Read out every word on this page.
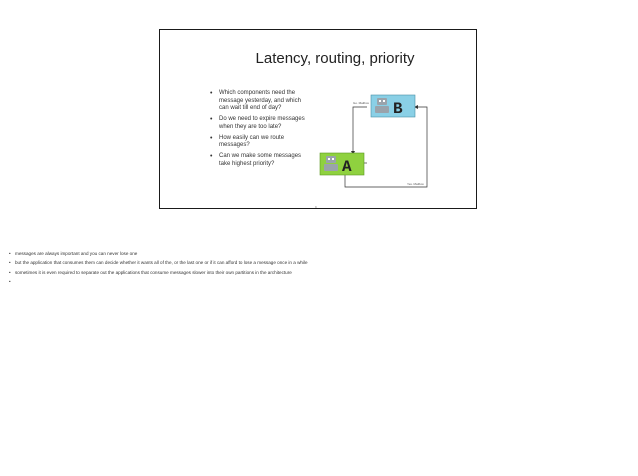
Latency, routing, priority
• Which components need the message yesterday, and which can wait till end of day?
• Do we need to expire messages when they are too late?
• How easily can we route messages?
• Can we make some messages take highest priority?
Go. Mailbox
Yes. Mailbox
B
A
9
• messages are always important and you can never lose one
• but the application that consumes them can decide whether it wants all of the, or the last one or if it can afford to lose a message once in a while
• sometimes it is even required to separate out the applications that consume messages slower into their own partitions in the architecture
